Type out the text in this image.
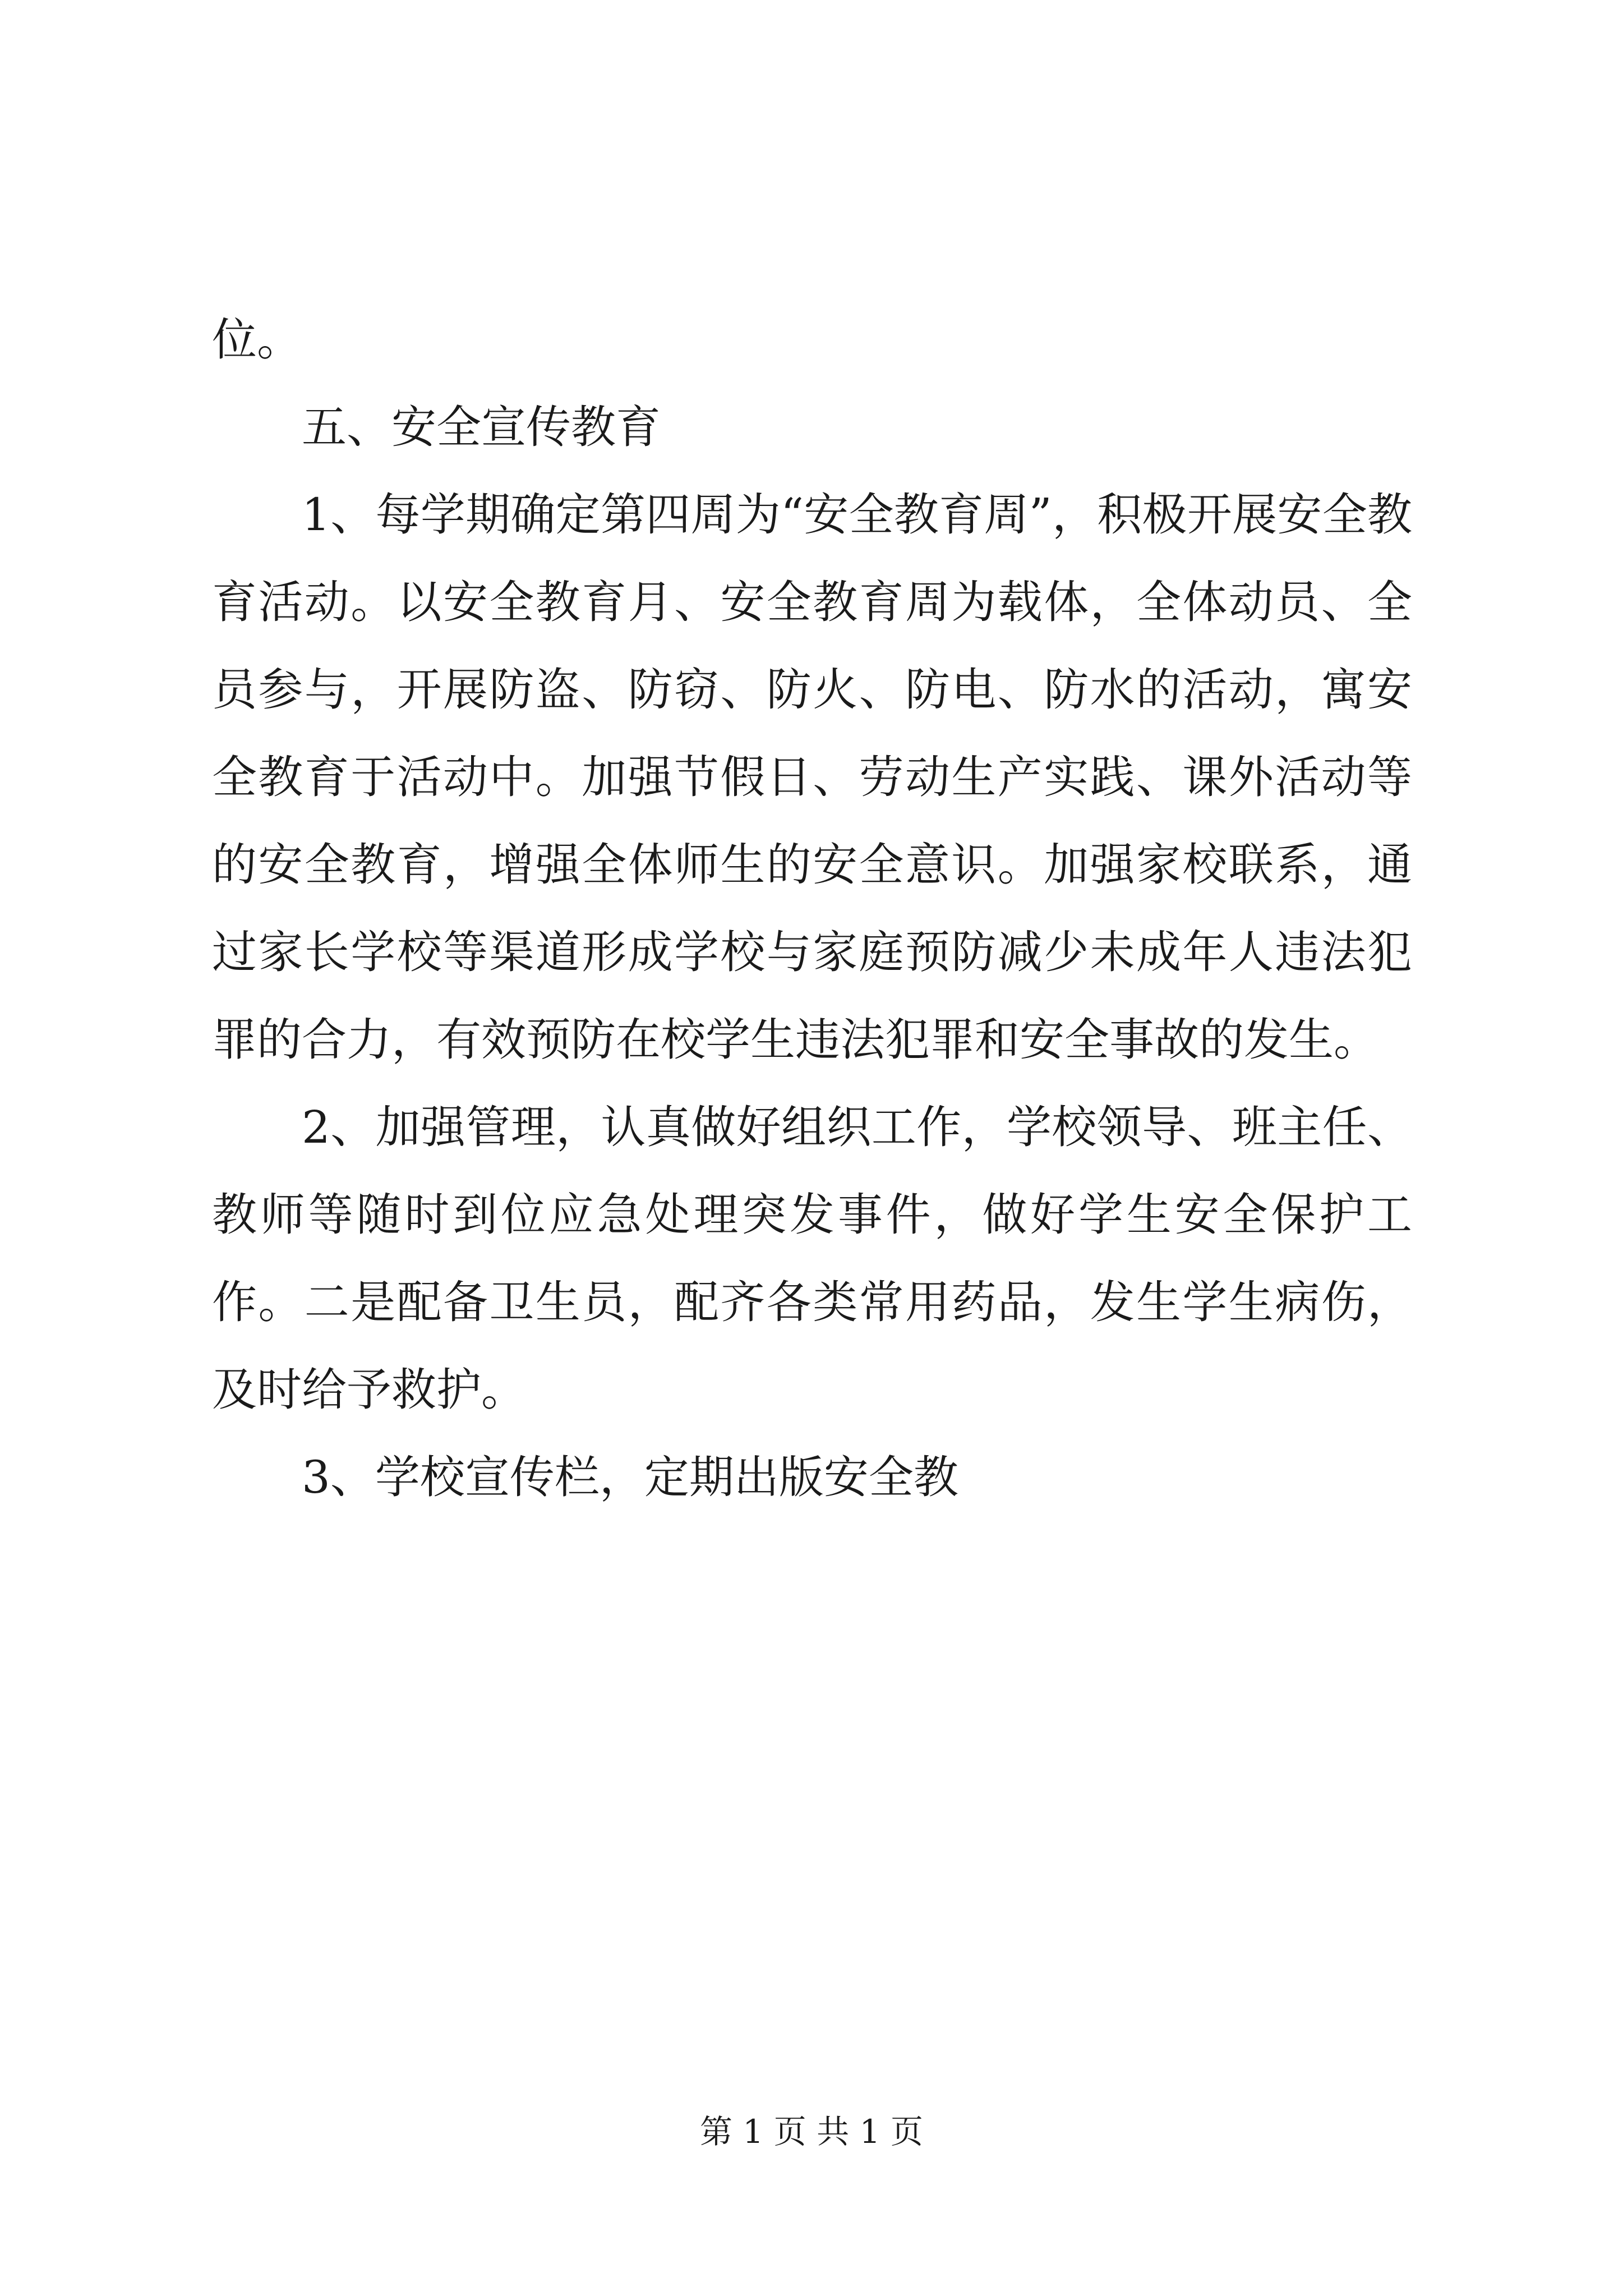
位。

五、安全宣传教育

1、每学期确定第四周为“安全教育周”，积极开展安全教育活动。以安全教育月、安全教育周为载体，全体动员、全员参与，开展防盗、防窃、防火、防电、防水的活动，寓安全教育于活动中。加强节假日、劳动生产实践、课外活动等的安全教育，增强全体师生的安全意识。加强家校联系，通过家长学校等渠道形成学校与家庭预防减少未成年人违法犯罪的合力，有效预防在校学生违法犯罪和安全事故的发生。

2、加强管理，认真做好组织工作，学校领导、班主任、教师等随时到位应急处理突发事件，做好学生安全保护工作。二是配备卫生员，配齐各类常用药品，发生学生病伤，及时给予救护。

3、学校宣传栏，定期出版安全教

第 1 页 共 1 页
